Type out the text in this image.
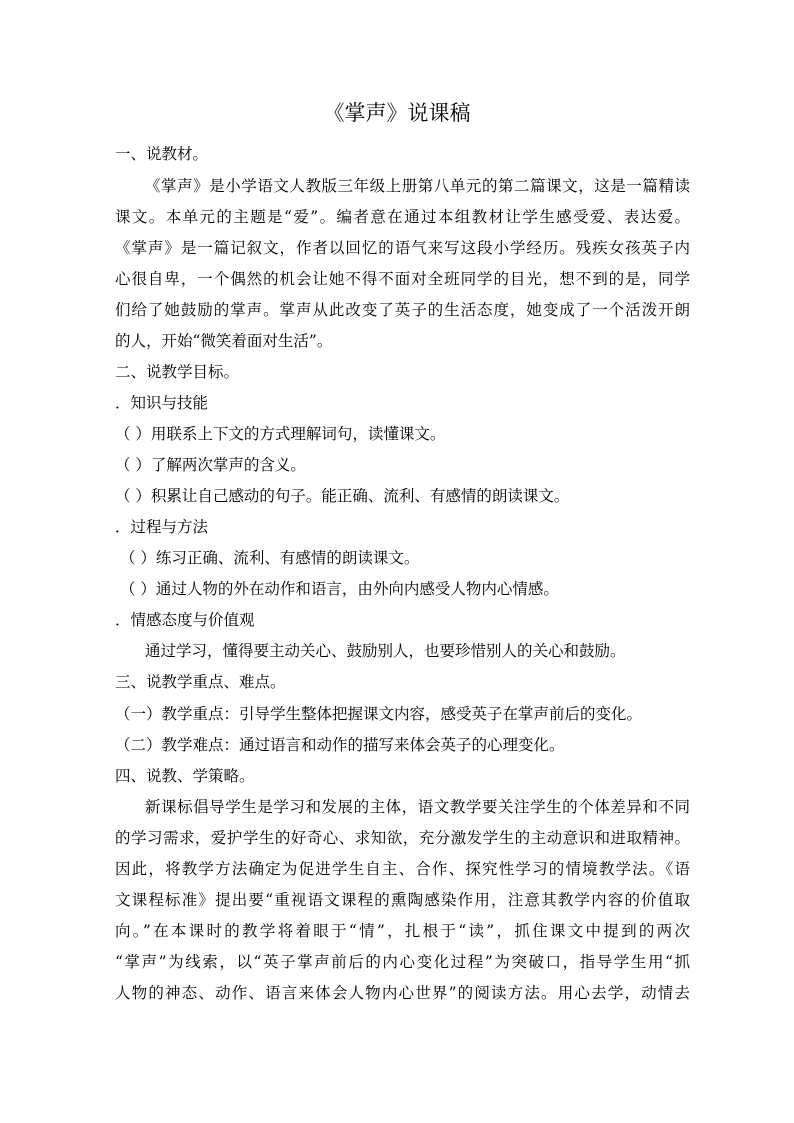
《掌声》说课稿
一、说教材。
《掌声》是小学语文人教版三年级上册第八单元的第二篇课文，这是一篇精读
课文。本单元的主题是“爱”。编者意在通过本组教材让学生感受爱、表达爱。
《掌声》是一篇记叙文，作者以回忆的语气来写这段小学经历。残疾女孩英子内
心很自卑，一个偶然的机会让她不得不面对全班同学的目光，想不到的是，同学
们给了她鼓励的掌声。掌声从此改变了英子的生活态度，她变成了一个活泼开朗
的人，开始“微笑着面对生活”。
二、说教学目标。
．知识与技能
（ ）用联系上下文的方式理解词句，读懂课文。
（ ）了解两次掌声的含义。
（ ）积累让自己感动的句子。能正确、流利、有感情的朗读课文。
．过程与方法
（ ）练习正确、流利、有感情的朗读课文。
（ ）通过人物的外在动作和语言，由外向内感受人物内心情感。
．情感态度与价值观
通过学习，懂得要主动关心、鼓励别人，也要珍惜别人的关心和鼓励。
三、说教学重点、难点。
（一）教学重点：引导学生整体把握课文内容，感受英子在掌声前后的变化。
（二）教学难点：通过语言和动作的描写来体会英子的心理变化。
四、说教、学策略。
新课标倡导学生是学习和发展的主体，语文教学要关注学生的个体差异和不同
的学习需求，爱护学生的好奇心、求知欲，充分激发学生的主动意识和进取精神。
因此，将教学方法确定为促进学生自主、合作、探究性学习的情境教学法。《语
文课程标准》提出要“重视语文课程的熏陶感染作用，注意其教学内容的价值取
向。”在本课时的教学将着眼于“情”，扎根于“读”，抓住课文中提到的两次
“掌声”为线索，以“英子掌声前后的内心变化过程”为突破口，指导学生用“抓
人物的神态、动作、语言来体会人物内心世界”的阅读方法。用心去学，动情去
